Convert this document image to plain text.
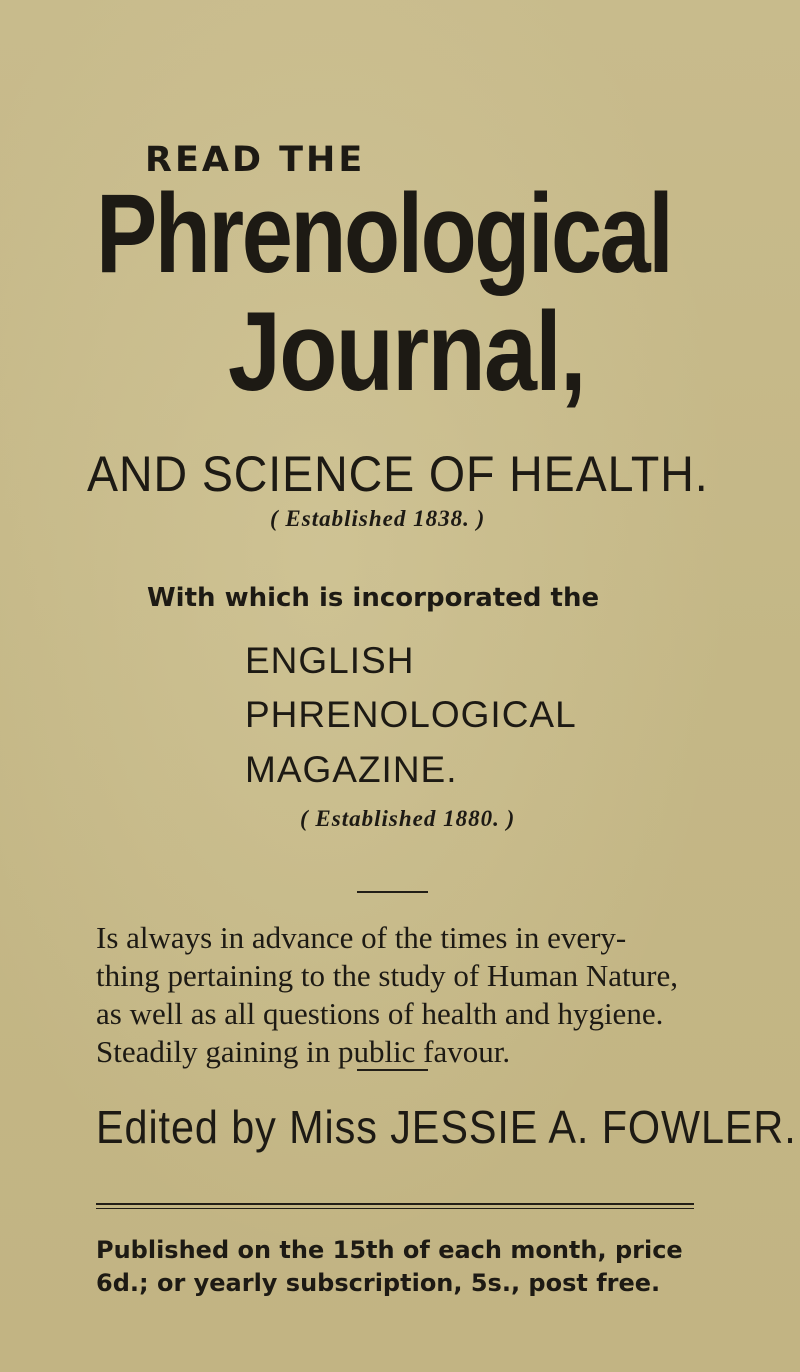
READ THE
Phrenological
Journal,
AND SCIENCE OF HEALTH.
( Established 1838. )
With which is incorporated the
ENGLISH
PHRENOLOGICAL
MAGAZINE.
( Established 1880. )
Is always in advance of the times in every-
thing pertaining to the study of Human Nature,
as well as all questions of health and hygiene.
Steadily gaining in public favour.
Edited by Miss JESSIE A. FOWLER.
Published on the 15th of each month, price
6d.; or yearly subscription, 5s., post free.
